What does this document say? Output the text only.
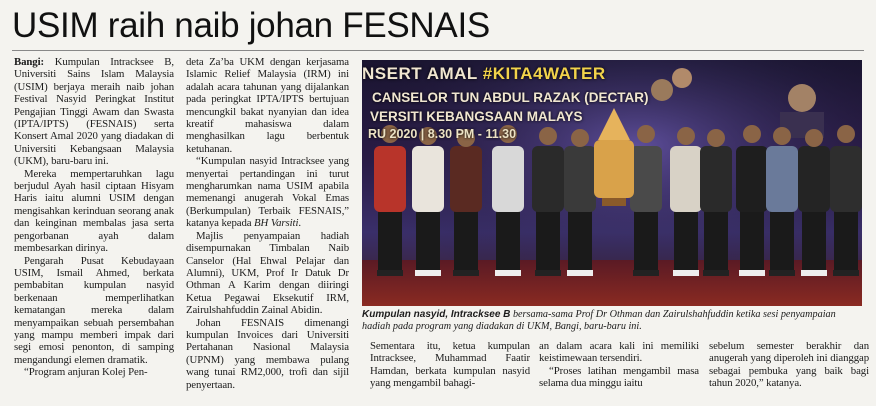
USIM raih naib johan FESNAIS

Bangi: Kumpulan Intracksee B, Universiti Sains Islam Malaysia (USIM) berjaya meraih naib johan Festival Nasyid Peringkat Institut Pengajian Tinggi Awam dan Swasta (IPTA/IPTS) (FESNAIS) serta Konsert Amal 2020 yang diadakan di Universiti Kebangsaan Malaysia (UKM), baru-baru ini.

Mereka mempertaruhkan lagu berjudul Ayah hasil ciptaan Hisyam Haris iaitu alumni USIM dengan mengisahkan kerinduan seorang anak dan keinginan membalas jasa serta pengorbanan ayah dalam membesarkan dirinya.

Pengarah Pusat Kebudayaan USIM, Ismail Ahmed, berkata pembabitan kumpulan nasyid berkenaan memperlihatkan kematangan mereka dalam menyampaikan sebuah persembahan yang mampu memberi impak dari segi emosi penonton, di samping mengandungi elemen dramatik.

“Program anjuran Kolej Pen-

deta Za’ba UKM dengan kerjasama Islamic Relief Malaysia (IRM) ini adalah acara tahunan yang dijalankan pada peringkat IPTA/IPTS bertujuan mencungkil bakat nyanyian dan idea kreatif mahasiswa dalam menghasilkan lagu berbentuk ketuhanan.

“Kumpulan nasyid Intracksee yang menyertai pertandingan ini turut mengharumkan nama USIM apabila memenangi anugerah Vokal Emas (Berkumpulan) Terbaik FESNAIS,” katanya kepada BH Varsiti.

Majlis penyampaian hadiah disempurnakan Timbalan Naib Canselor (Hal Ehwal Pelajar dan Alumni), UKM, Prof Ir Datuk Dr Othman A Karim dengan diiringi Ketua Pegawai Eksekutif IRM, Zairulshahfuddin Zainal Abidin.

Johan FESNAIS dimenangi kumpulan Invoices dari Universiti Pertahanan Nasional Malaysia (UPNM) yang membawa pulang wang tunai RM2,000, trofi dan sijil penyertaan.

NSERT AMAL #KITA4WATER
CANSELOR TUN ABDUL RAZAK (DECTAR)
VERSITI KEBANGSAAN MALAYS
RU 2020 | 8.30 PM - 11.30
Kumpulan nasyid, Intracksee B bersama-sama Prof Dr Othman dan Zairulshahfuddin ketika sesi penyampaian hadiah pada program yang diadakan di UKM, Bangi, baru-baru ini.

Sementara itu, ketua kumpulan Intracksee, Muhammad Faatir Hamdan, berkata kumpulan nasyid yang mengambil bahagi-

an dalam acara kali ini memiliki keistimewaan tersendiri.

“Proses latihan mengambil masa selama dua minggu iaitu

sebelum semester berakhir dan anugerah yang diperoleh ini dianggap sebagai pembuka yang baik bagi tahun 2020,” katanya.
